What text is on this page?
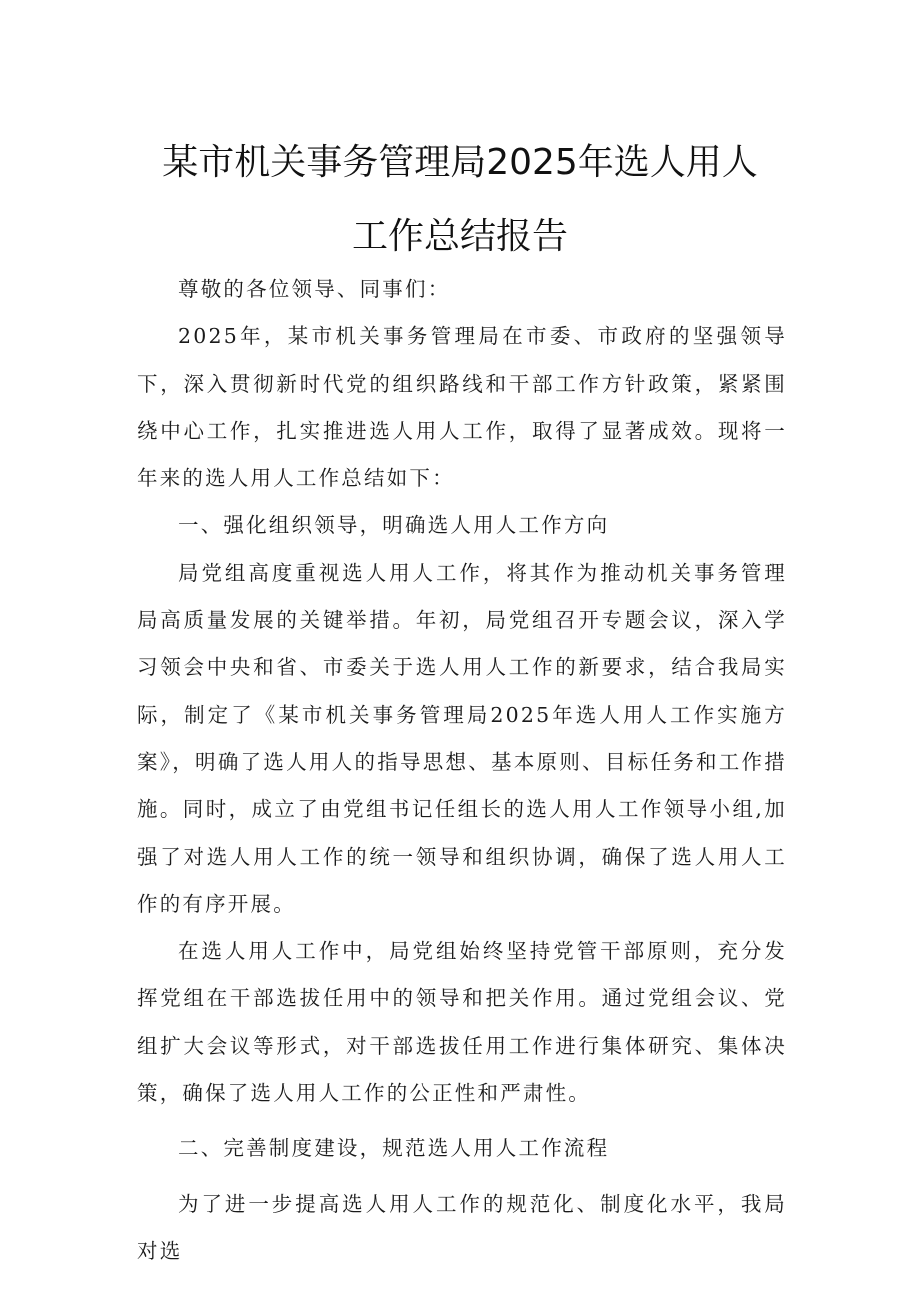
某市机关事务管理局2025年选人用人
工作总结报告

尊敬的各位领导、同事们：

2025年，某市机关事务管理局在市委、市政府的坚强领导下，深入贯彻新时代党的组织路线和干部工作方针政策，紧紧围绕中心工作，扎实推进选人用人工作，取得了显著成效。现将一年来的选人用人工作总结如下：

一、强化组织领导，明确选人用人工作方向

局党组高度重视选人用人工作，将其作为推动机关事务管理局高质量发展的关键举措。年初，局党组召开专题会议，深入学习领会中央和省、市委关于选人用人工作的新要求，结合我局实际，制定了《某市机关事务管理局2025年选人用人工作实施方案》，明确了选人用人的指导思想、基本原则、目标任务和工作措施。同时，成立了由党组书记任组长的选人用人工作领导小组,加强了对选人用人工作的统一领导和组织协调，确保了选人用人工作的有序开展。

在选人用人工作中，局党组始终坚持党管干部原则，充分发挥党组在干部选拔任用中的领导和把关作用。通过党组会议、党组扩大会议等形式，对干部选拔任用工作进行集体研究、集体决策，确保了选人用人工作的公正性和严肃性。

二、完善制度建设，规范选人用人工作流程

为了进一步提高选人用人工作的规范化、制度化水平，我局对选
